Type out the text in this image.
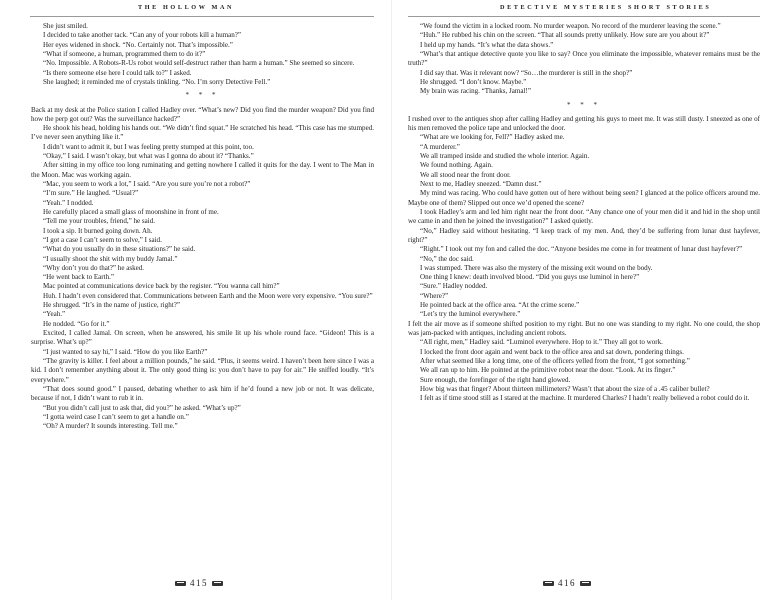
THE HOLLOW MAN

She just smiled.

I decided to take another tack. “Can any of your robots kill a human?”

Her eyes widened in shock. “No. Certainly not. That’s impossible.”

“What if someone, a human, programmed them to do it?”

“No. Impossible. A Robots-R-Us robot would self-destruct rather than harm a human.” She seemed so sincere.

“Is there someone else here I could talk to?” I asked.

She laughed; it reminded me of crystals tinkling. “No. I’m sorry Detective Fell.”

* * *

Back at my desk at the Police station I called Hadley over. “What’s new? Did you find the murder weapon? Did you find how the perp got out? Was the surveillance hacked?”

He shook his head, holding his hands out. “We didn’t find squat.” He scratched his head. “This case has me stumped. I’ve never seen anything like it.”

I didn’t want to admit it, but I was feeling pretty stumped at this point, too.

“Okay,” I said. I wasn’t okay, but what was I gonna do about it? “Thanks.”

After sitting in my office too long ruminating and getting nowhere I called it quits for the day. I went to The Man in the Moon. Mac was working again.

“Mac, you seem to work a lot,” I said. “Are you sure you’re not a robot?”

“I’m sure.” He laughed. “Usual?”

“Yeah.” I nodded.

He carefully placed a small glass of moonshine in front of me.

“Tell me your troubles, friend,” he said.

I took a sip. It burned going down. Ah.

“I got a case I can’t seem to solve,” I said.

“What do you usually do in these situations?” he said.

“I usually shoot the shit with my buddy Jamal.”

“Why don’t you do that?” he asked.

“He went back to Earth.”

Mac pointed at communications device back by the register. “You wanna call him?”

Huh. I hadn’t even considered that. Communications between Earth and the Moon were very expensive. “You sure?”

He shrugged. “It’s in the name of justice, right?”

“Yeah.”

He nodded. “Go for it.”

Excited, I called Jamal. On screen, when he answered, his smile lit up his whole round face. “Gideon! This is a surprise. What’s up?”

“I just wanted to say hi,” I said. “How do you like Earth?”

“The gravity is killer. I feel about a million pounds,” he said. “Plus, it seems weird. I haven’t been here since I was a kid. I don’t remember anything about it. The only good thing is: you don’t have to pay for air.” He sniffed loudly. “It’s everywhere.”

“That does sound good.” I paused, debating whether to ask him if he’d found a new job or not. It was delicate, because if not, I didn’t want to rub it in.

“But you didn’t call just to ask that, did you?” he asked. “What’s up?”

“I gotta weird case I can’t seem to get a handle on.”

“Oh? A murder? It sounds interesting. Tell me.”

415
DETECTIVE MYSTERIES SHORT STORIES

“We found the victim in a locked room. No murder weapon. No record of the murderer leaving the scene.”

“Huh.” He rubbed his chin on the screen. “That all sounds pretty unlikely. How sure are you about it?”

I held up my hands. “It’s what the data shows.”

“What’s that antique detective quote you like to say? Once you eliminate the impossible, whatever remains must be the truth?”

I did say that. Was it relevant now? “So…the murderer is still in the shop?”

He shrugged. “I don’t know. Maybe.”

My brain was racing. “Thanks, Jamal!”

* * *

I rushed over to the antiques shop after calling Hadley and getting his guys to meet me. It was still dusty. I sneezed as one of his men removed the police tape and unlocked the door.

“What are we looking for, Fell?” Hadley asked me.

“A murderer.”

We all tramped inside and studied the whole interior. Again.

We found nothing. Again.

We all stood near the front door.

Next to me, Hadley sneezed. “Damn dust.”

My mind was racing. Who could have gotten out of here without being seen? I glanced at the police officers around me. Maybe one of them? Slipped out once we’d opened the scene?

I took Hadley’s arm and led him right near the front door. “Any chance one of your men did it and hid in the shop until we came in and then he joined the investigation?” I asked quietly.

“No,” Hadley said without hesitating. “I keep track of my men. And, they’d be suffering from lunar dust hayfever, right?”

“Right.” I took out my fon and called the doc. “Anyone besides me come in for treatment of lunar dust hayfever?”

“No,” the doc said.

I was stumped. There was also the mystery of the missing exit wound on the body.

One thing I knew: death involved blood. “Did you guys use luminol in here?”

“Sure.” Hadley nodded.

“Where?”

He pointed back at the office area. “At the crime scene.”

“Let’s try the luminol everywhere.”

I felt the air move as if someone shifted position to my right. But no one was standing to my right. No one could, the shop was jam-packed with antiques, including ancient robots.

“All right, men,” Hadley said. “Luminol everywhere. Hop to it.” They all got to work.

I locked the front door again and went back to the office area and sat down, pondering things.

After what seemed like a long time, one of the officers yelled from the front, “I got something.”

We all ran up to him. He pointed at the primitive robot near the door. “Look. At its finger.”

Sure enough, the forefinger of the right hand glowed.

How big was that finger? About thirteen millimeters? Wasn’t that about the size of a .45 caliber bullet?

I felt as if time stood still as I stared at the machine. It murdered Charles? I hadn’t really believed a robot could do it.

416
